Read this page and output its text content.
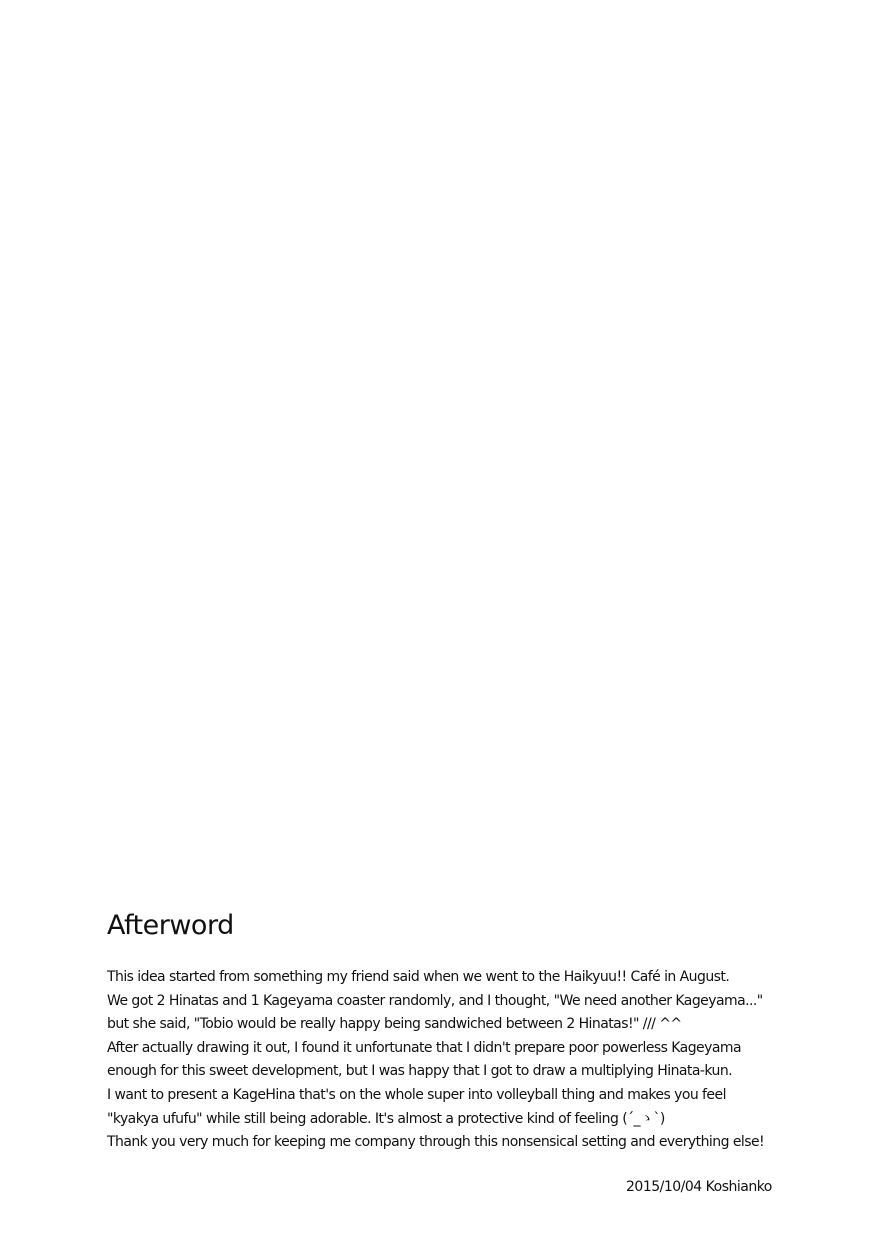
Afterword
This idea started from something my friend said when we went to the Haikyuu!! Café in August.
We got 2 Hinatas and 1 Kageyama coaster randomly, and I thought, "We need another Kageyama..."
but she said, "Tobio would be really happy being sandwiched between 2 Hinatas!" /// ^^
After actually drawing it out, I found it unfortunate that I didn't prepare poor powerless Kageyama
enough for this sweet development, but I was happy that I got to draw a multiplying Hinata-kun.
I want to present a KageHina that's on the whole super into volleyball thing and makes you feel
"kyakya ufufu" while still being adorable. It's almost a protective kind of feeling (´_ゝ`)
Thank you very much for keeping me company through this nonsensical setting and everything else!
2015/10/04 Koshianko
